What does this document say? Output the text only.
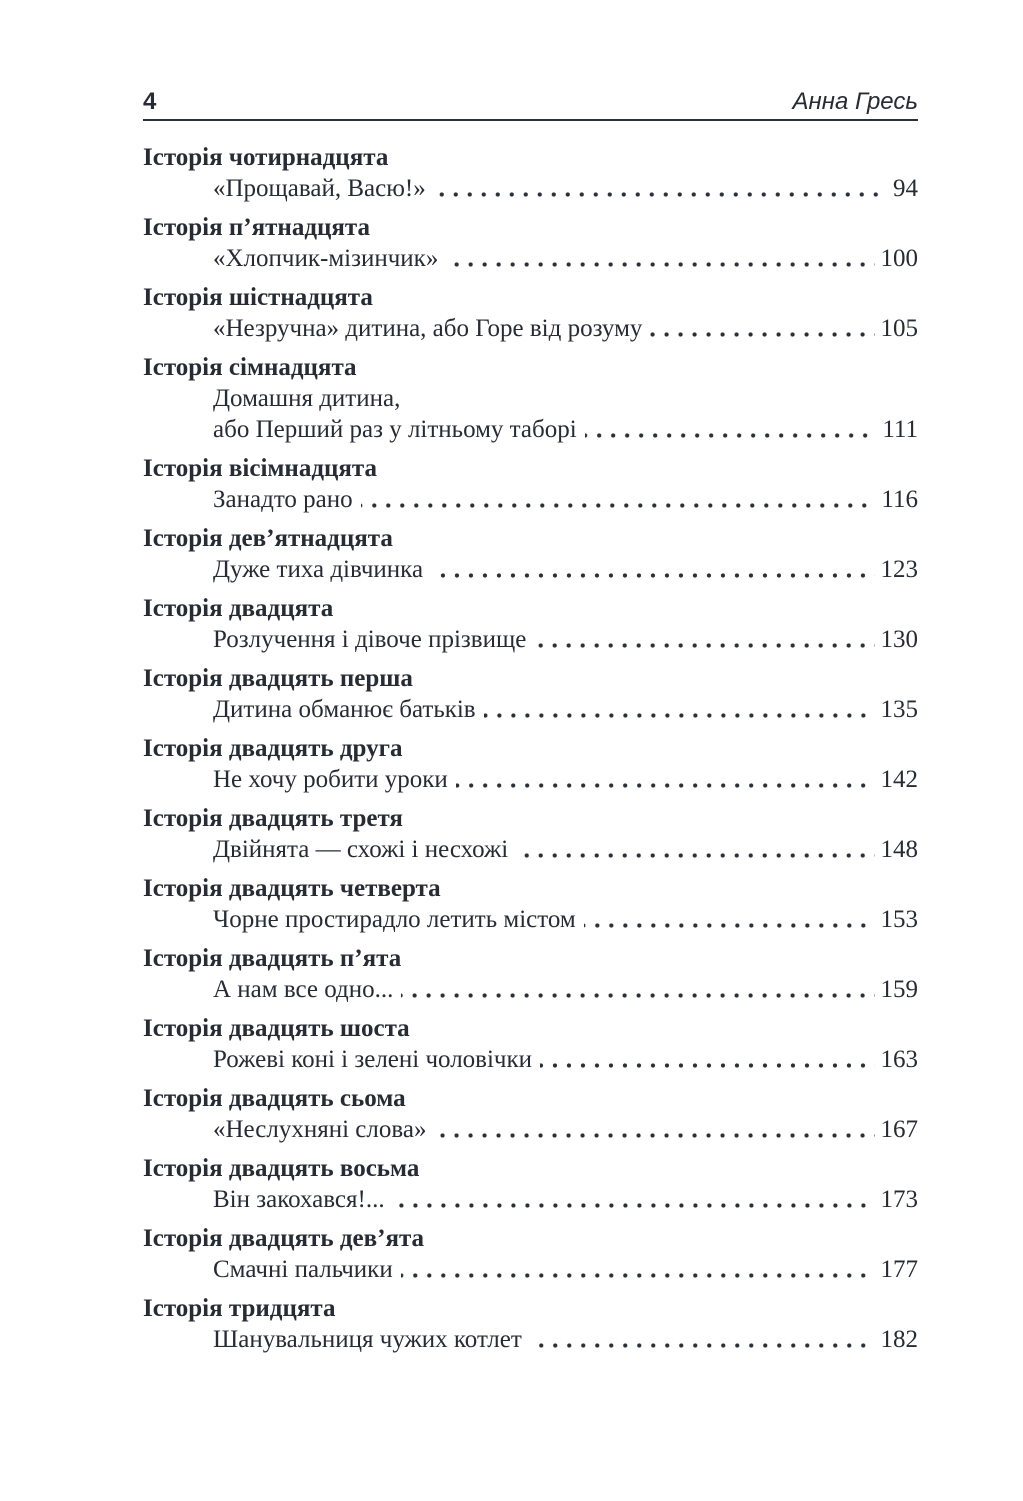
4	Анна Гресь
Історія чотирнадцята
«Прощавай, Васю!»	94
Історія п’ятнадцята
«Хлопчик-мізинчик»	100
Історія шістнадцята
«Незручна» дитина, або Горе від розуму	105
Історія сімнадцята
Домашня дитина,
або Перший раз у літньому таборі	111
Історія вісімнадцята
Занадто рано	116
Історія дев’ятнадцята
Дуже тиха дівчинка	123
Історія двадцята
Розлучення і дівоче прізвище	130
Історія двадцять перша
Дитина обманює батьків	135
Історія двадцять друга
Не хочу робити уроки	142
Історія двадцять третя
Двійнята — схожі і несхожі	148
Історія двадцять четверта
Чорне простирадло летить містом	153
Історія двадцять п’ята
А нам все одно...	159
Історія двадцять шоста
Рожеві коні і зелені чоловічки	163
Історія двадцять сьома
«Неслухняні слова»	167
Історія двадцять восьма
Він закохався!...	173
Історія двадцять дев’ята
Смачні пальчики	177
Історія тридцята
Шанувальниця чужих котлет	182
